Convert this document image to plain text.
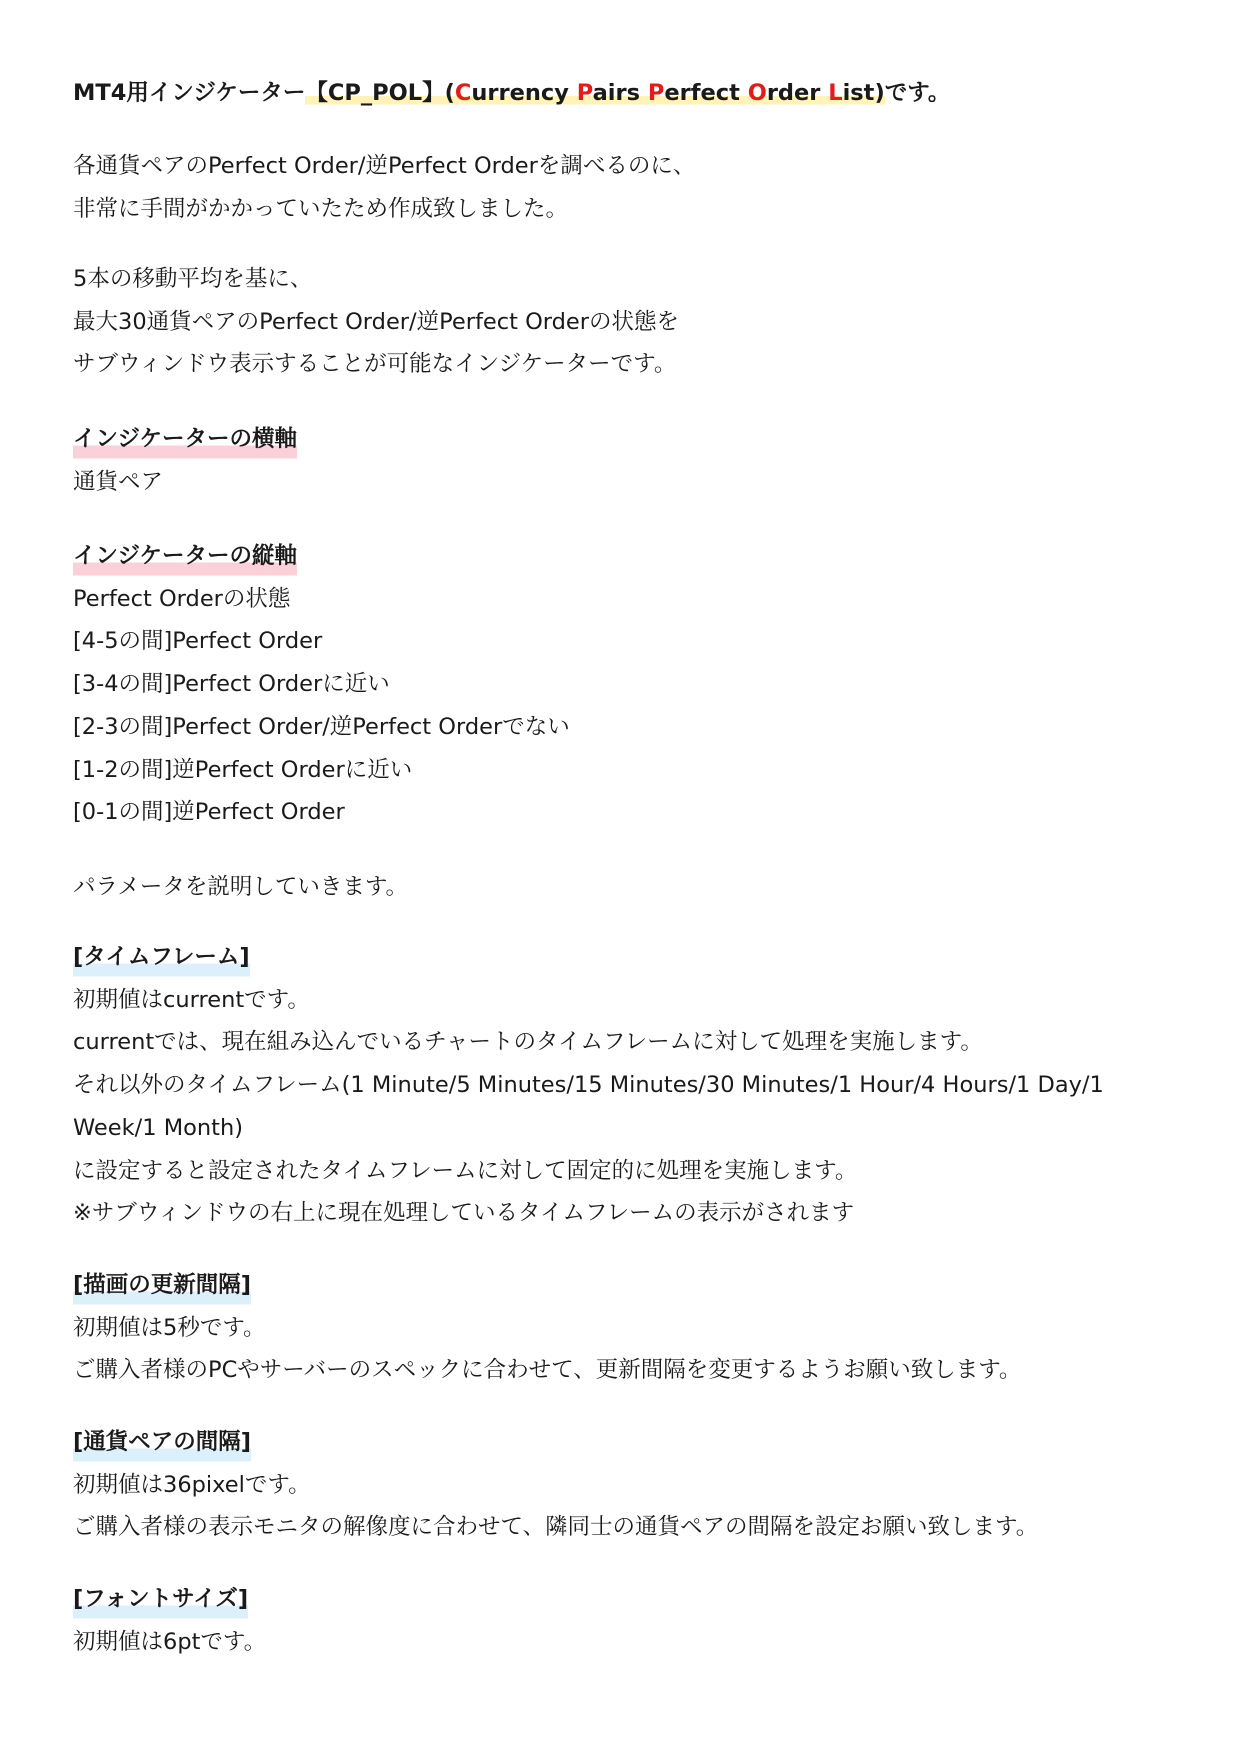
MT4用インジケーター【CP_POL】(Currency Pairs Perfect Order List)です。
各通貨ペアのPerfect Order/逆Perfect Orderを調べるのに、
非常に手間がかかっていたため作成致しました。
5本の移動平均を基に、
最大30通貨ペアのPerfect Order/逆Perfect Orderの状態を
サブウィンドウ表示することが可能なインジケーターです。
インジケーターの横軸
通貨ペア
インジケーターの縦軸
Perfect Orderの状態
[4-5の間]Perfect Order
[3-4の間]Perfect Orderに近い
[2-3の間]Perfect Order/逆Perfect Orderでない
[1-2の間]逆Perfect Orderに近い
[0-1の間]逆Perfect Order
パラメータを説明していきます。
[タイムフレーム]
初期値はcurrentです。
currentでは、現在組み込んでいるチャートのタイムフレームに対して処理を実施します。
それ以外のタイムフレーム(1 Minute/5 Minutes/15 Minutes/30 Minutes/1 Hour/4 Hours/1 Day/1
Week/1 Month)
に設定すると設定されたタイムフレームに対して固定的に処理を実施します。
※サブウィンドウの右上に現在処理しているタイムフレームの表示がされます
[描画の更新間隔]
初期値は5秒です。
ご購入者様のPCやサーバーのスペックに合わせて、更新間隔を変更するようお願い致します。
[通貨ペアの間隔]
初期値は36pixelです。
ご購入者様の表示モニタの解像度に合わせて、隣同士の通貨ペアの間隔を設定お願い致します。
[フォントサイズ]
初期値は6ptです。
